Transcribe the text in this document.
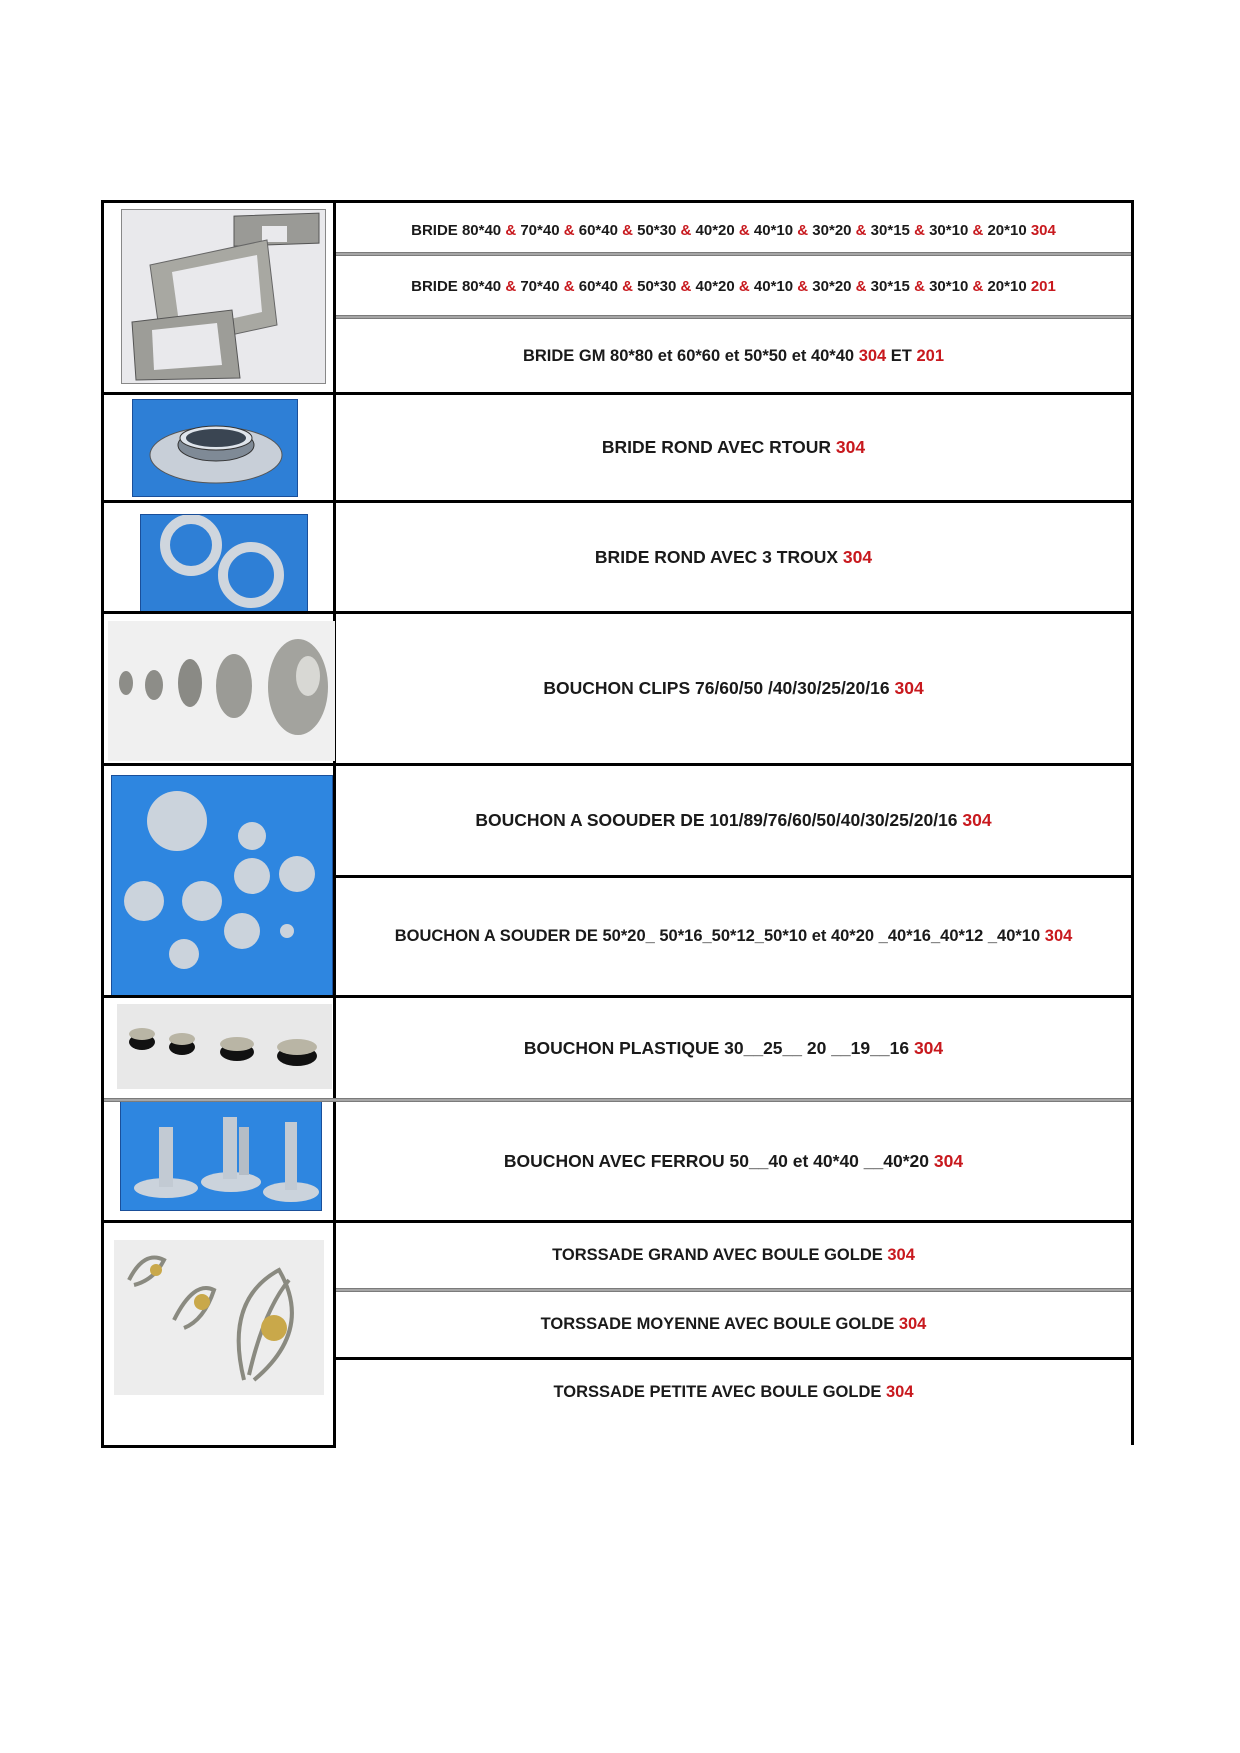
BRIDE 80*40 & 70*40 & 60*40 & 50*30 & 40*20 & 40*10 & 30*20 & 30*15 & 30*10 & 20*10
304
BRIDE 80*40 & 70*40 & 60*40 & 50*30 & 40*20 & 40*10 & 30*20 & 30*15 & 30*10 & 20*10
201
BRIDE GM 80*80 et 60*60 et 50*50 et 40*40
304 ET 201
BRIDE ROND AVEC RTOUR
304
BRIDE ROND AVEC 3 TROUX
304
BOUCHON CLIPS 76/60/50 /40/30/25/20/16
304
BOUCHON A SOOUDER DE 101/89/76/60/50/40/30/25/20/16
304
BOUCHON A SOUDER DE 50*20_ 50*16_50*12_50*10 et 40*20 _40*16_40*12 _40*10
304
BOUCHON PLASTIQUE 30__25__ 20 __19__16
304
BOUCHON AVEC FERROU 50__40 et 40*40 __40*20
304
TORSSADE GRAND AVEC BOULE GOLDE
304
TORSSADE MOYENNE AVEC BOULE GOLDE
304
TORSSADE PETITE AVEC BOULE GOLDE
304
